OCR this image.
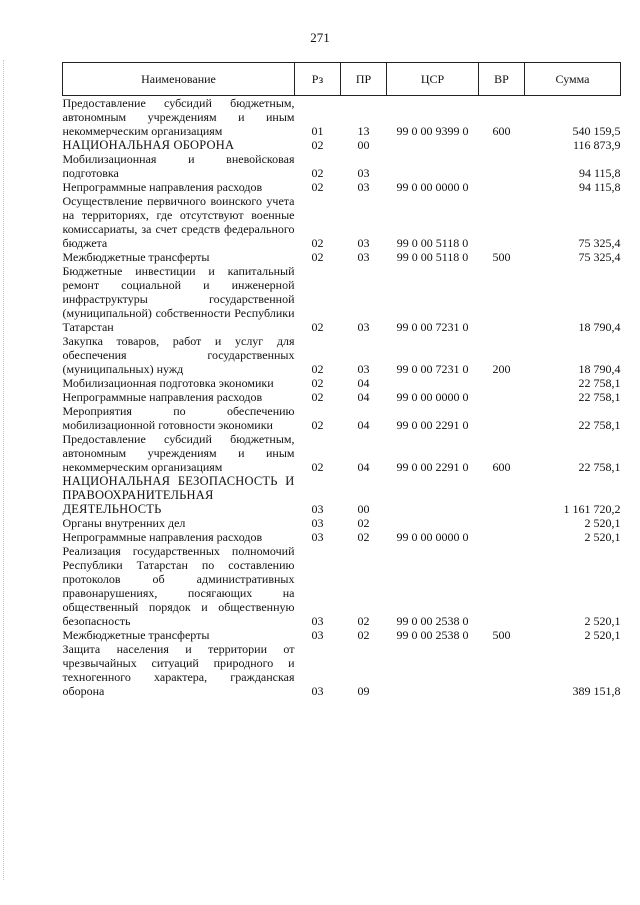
271
Наименование	Рз	ПР	ЦСР	ВР	Сумма
Предоставление субсидий бюджетным, автономным учреждениям и иным некоммерческим организациям	01	13	99 0 00 9399 0	600	540 159,5
НАЦИОНАЛЬНАЯ ОБОРОНА	02	00			116 873,9
Мобилизационная и вневойсковая подготовка	02	03			94 115,8
Непрограммные направления расходов	02	03	99 0 00 0000 0		94 115,8
Осуществление первичного воинского учета на территориях, где отсутствуют военные комиссариаты, за счет средств федерального бюджета	02	03	99 0 00 5118 0		75 325,4
Межбюджетные трансферты	02	03	99 0 00 5118 0	500	75 325,4
Бюджетные инвестиции и капитальный ремонт социальной и инженерной инфраструктуры государственной (муниципальной) собственности Республики Татарстан	02	03	99 0 00 7231 0		18 790,4
Закупка товаров, работ и услуг для обеспечения государственных (муниципальных) нужд	02	03	99 0 00 7231 0	200	18 790,4
Мобилизационная подготовка экономики	02	04			22 758,1
Непрограммные направления расходов	02	04	99 0 00 0000 0		22 758,1
Мероприятия по обеспечению мобилизационной готовности экономики	02	04	99 0 00 2291 0		22 758,1
Предоставление субсидий бюджетным, автономным учреждениям и иным некоммерческим организациям	02	04	99 0 00 2291 0	600	22 758,1
НАЦИОНАЛЬНАЯ БЕЗОПАСНОСТЬ И ПРАВООХРАНИТЕЛЬНАЯ ДЕЯТЕЛЬНОСТЬ	03	00			1 161 720,2
Органы внутренних дел	03	02			2 520,1
Непрограммные направления расходов	03	02	99 0 00 0000 0		2 520,1
Реализация государственных полномочий Республики Татарстан по составлению протоколов об административных правонарушениях, посягающих на общественный порядок и общественную безопасность	03	02	99 0 00 2538 0		2 520,1
Межбюджетные трансферты	03	02	99 0 00 2538 0	500	2 520,1
Защита населения и территории от чрезвычайных ситуаций природного и техногенного характера, гражданская оборона	03	09			389 151,8
